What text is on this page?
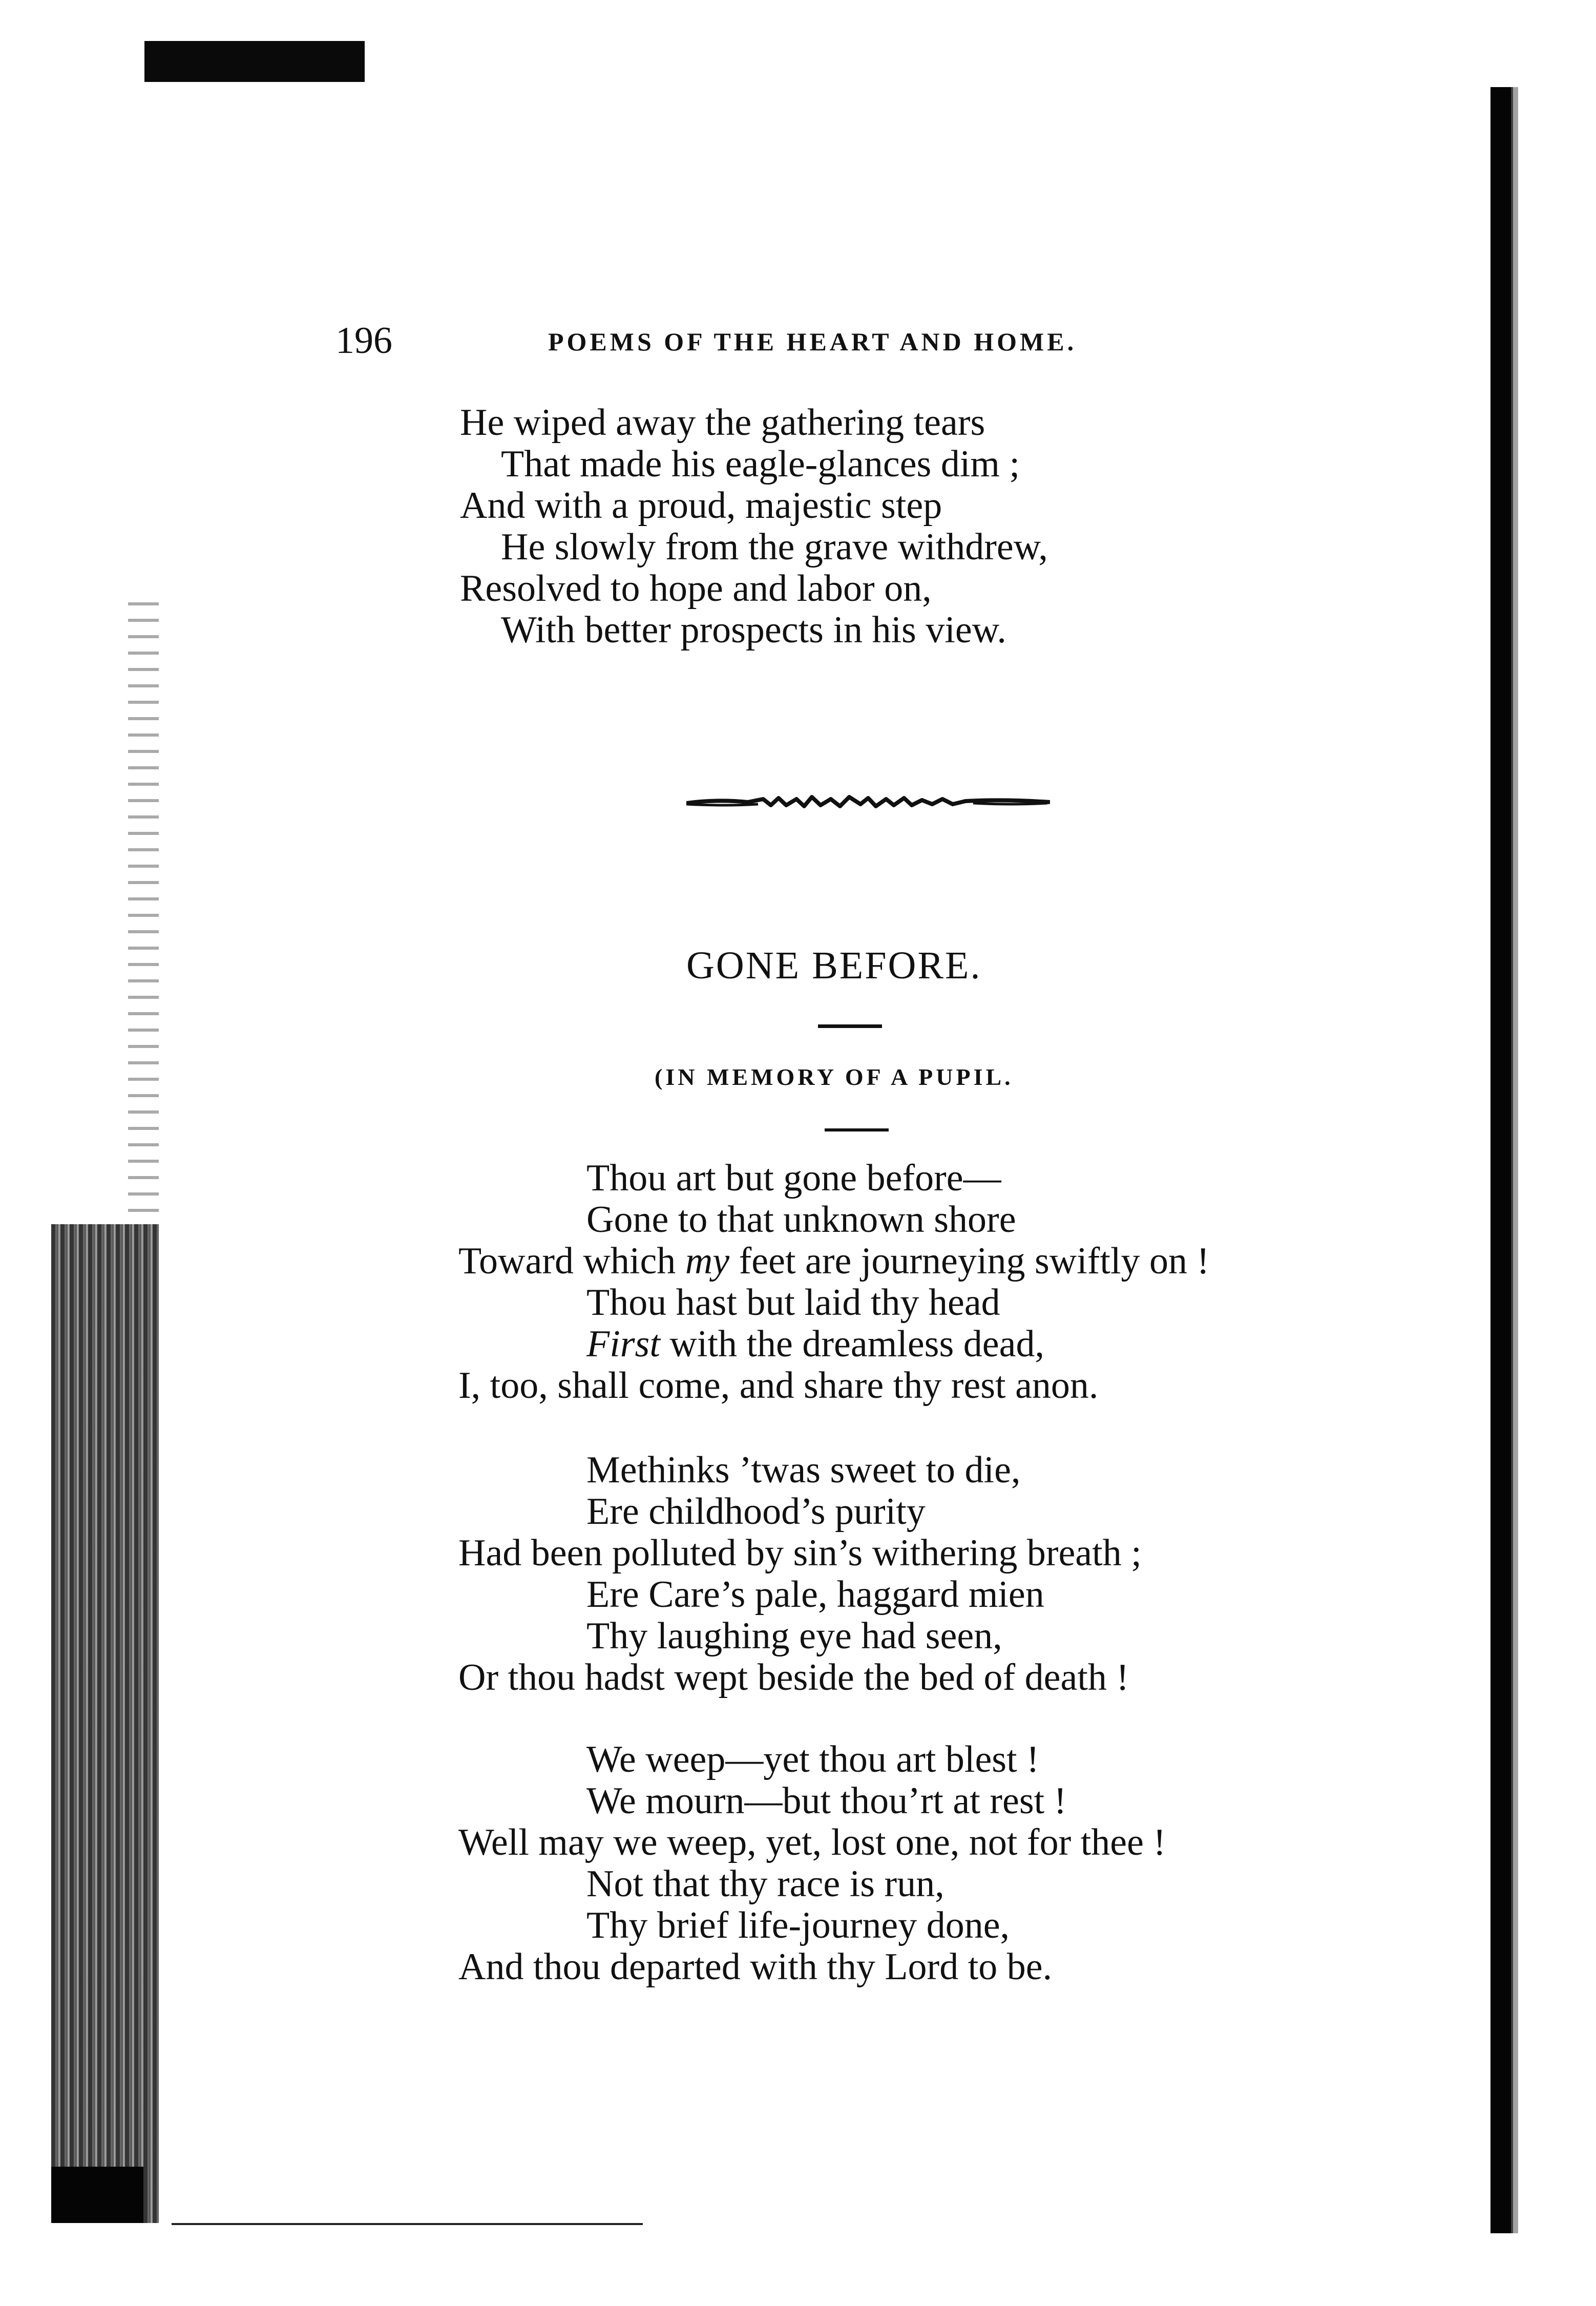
196	POEMS OF THE HEART AND HOME.
He wiped away the gathering tears
That made his eagle-glances dim ;
And with a proud, majestic step
He slowly from the grave withdrew,
Resolved to hope and labor on,
With better prospects in his view.
GONE BEFORE.
(IN MEMORY OF A PUPIL.
Thou art but gone before—
Gone to that unknown shore
Toward which my feet are journeying swiftly on !
Thou hast but laid thy head
First with the dreamless dead,
I, too, shall come, and share thy rest anon.
Methinks ’twas sweet to die,
Ere childhood’s purity
Had been polluted by sin’s withering breath ;
Ere Care’s pale, haggard mien
Thy laughing eye had seen,
Or thou hadst wept beside the bed of death !
We weep—yet thou art blest !
We mourn—but thou’rt at rest !
Well may we weep, yet, lost one, not for thee !
Not that thy race is run,
Thy brief life-journey done,
And thou departed with thy Lord to be.
